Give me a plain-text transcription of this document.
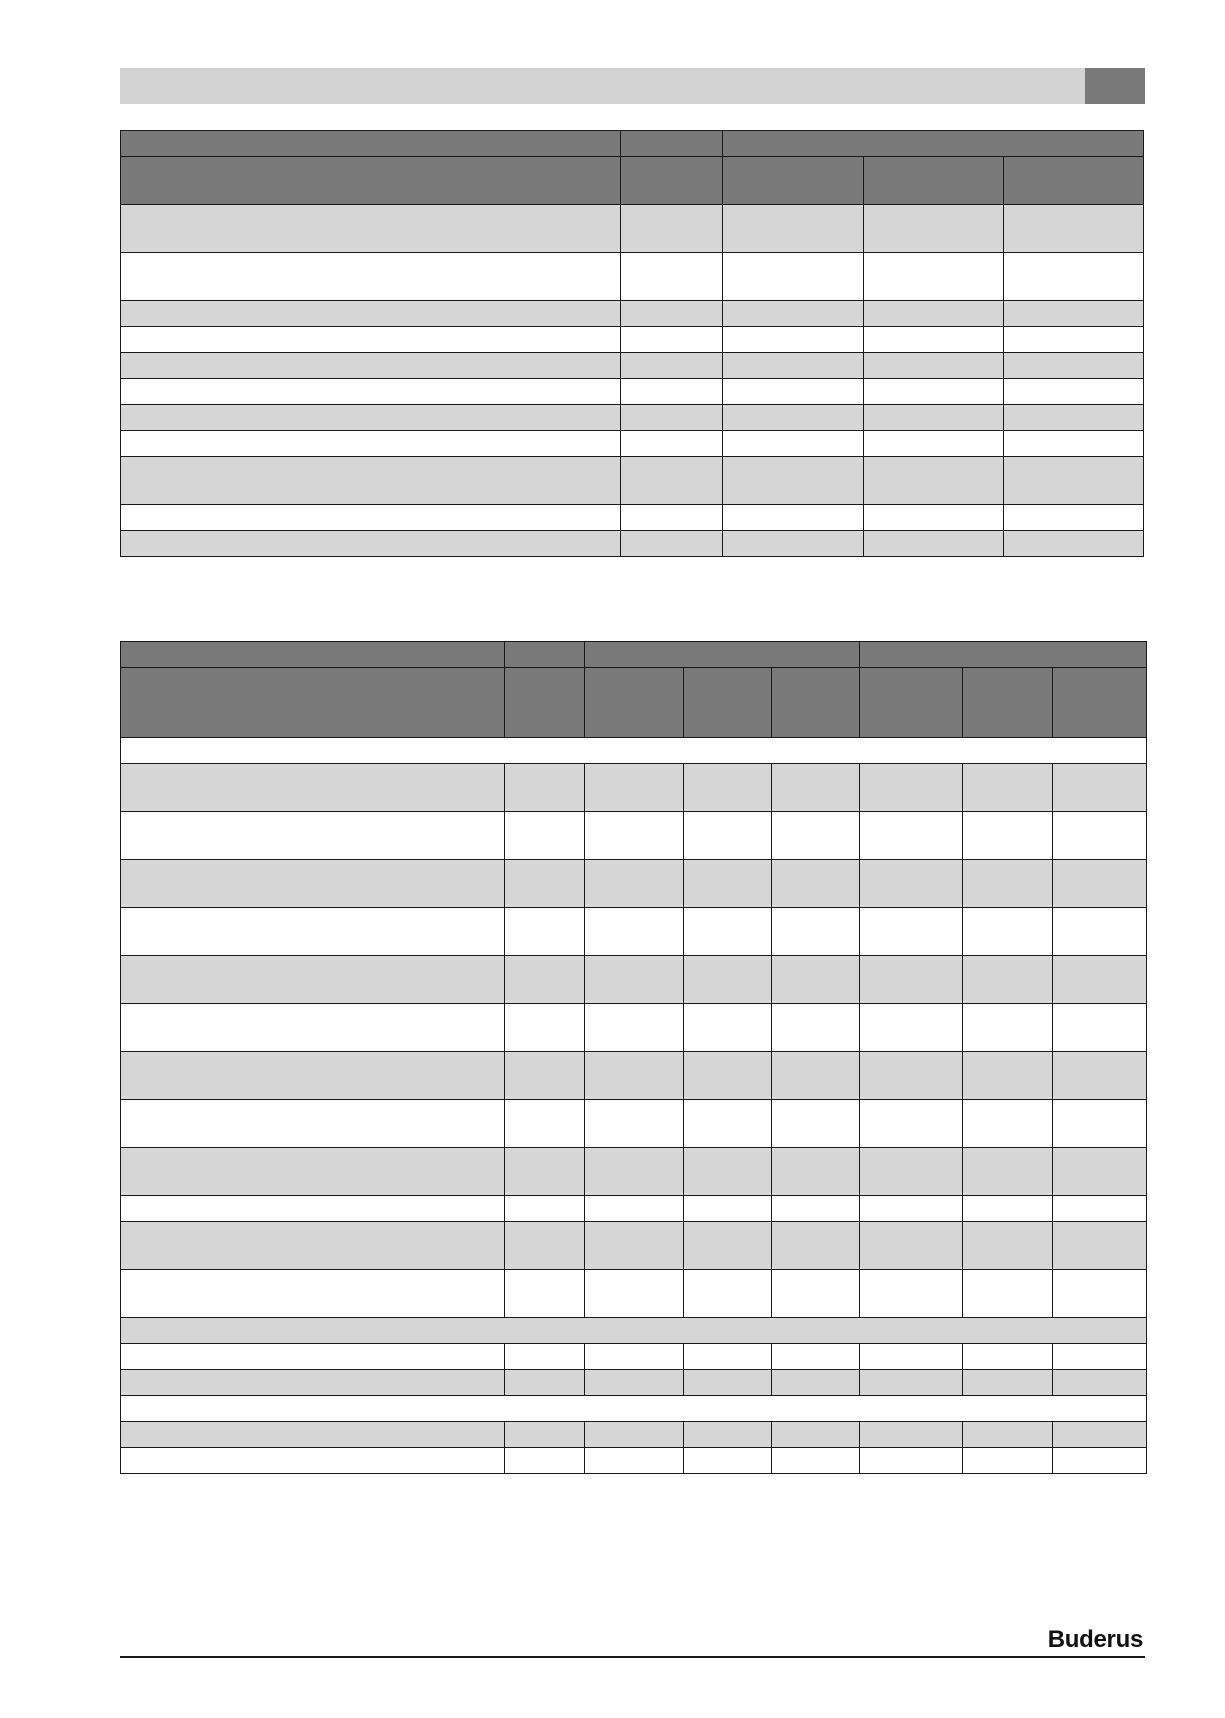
Buderus
